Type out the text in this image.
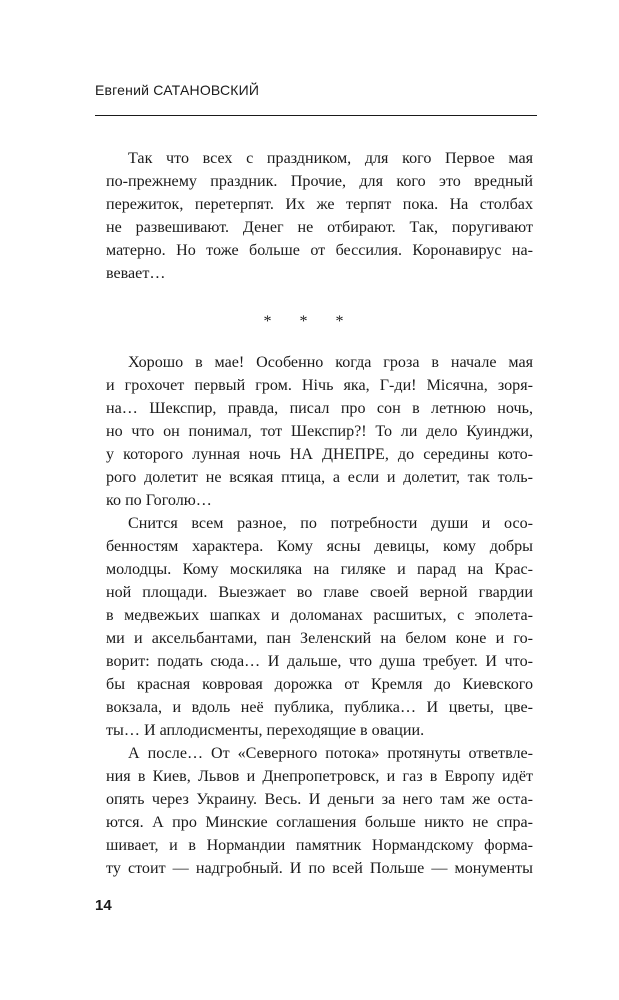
Евгений САТАНОВСКИЙ
Так что всех с праздником, для кого Первое мая
по-прежнему праздник. Прочие, для кого это вредный
пережиток, перетерпят. Их же терпят пока. На столбах
не развешивают. Денег не отбирают. Так, поругивают
матерно. Но тоже больше от бессилия. Коронавирус на-
вевает…
* * *
Хорошо в мае! Особенно когда гроза в начале мая
и грохочет первый гром. Нiчь яка, Г-ди! Мiсячна, зоря-
на… Шекспир, правда, писал про сон в летнюю ночь,
но что он понимал, тот Шекспир?! То ли дело Куинджи,
у которого лунная ночь НА ДНЕПРЕ, до середины кото-
рого долетит не всякая птица, а если и долетит, так толь-
ко по Гоголю…
Снится всем разное, по потребности души и осо-
бенностям характера. Кому ясны девицы, кому добры
молодцы. Кому москиляка на гиляке и парад на Крас-
ной площади. Выезжает во главе своей верной гвардии
в медвежьих шапках и доломанах расшитых, с эполета-
ми и аксельбантами, пан Зеленский на белом коне и го-
ворит: подать сюда… И дальше, что душа требует. И что-
бы красная ковровая дорожка от Кремля до Киевского
вокзала, и вдоль неё публика, публика… И цветы, цве-
ты… И аплодисменты, переходящие в овации.
А после… От «Северного потока» протянуты ответвле-
ния в Киев, Львов и Днепропетровск, и газ в Европу идёт
опять через Украину. Весь. И деньги за него там же оста-
ются. А про Минские соглашения больше никто не спра-
шивает, и в Нормандии памятник Нормандскому форма-
ту стоит — надгробный. И по всей Польше — монументы
14
